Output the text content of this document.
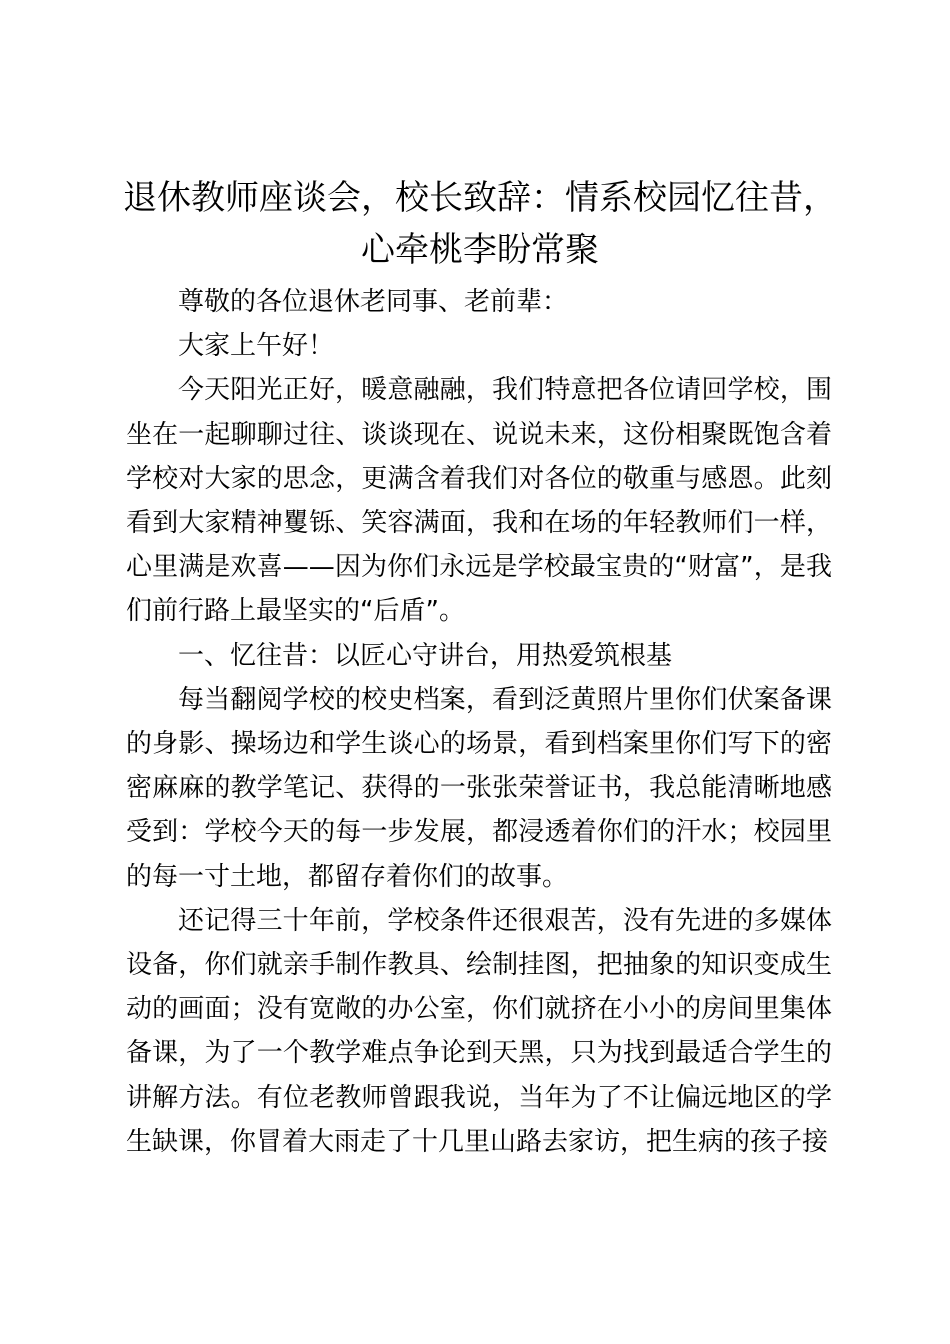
退休教师座谈会，校长致辞：情系校园忆往昔，心牵桃李盼常聚

尊敬的各位退休老同事、老前辈：

大家上午好！

今天阳光正好，暖意融融，我们特意把各位请回学校，围坐在一起聊聊过往、谈谈现在、说说未来，这份相聚既饱含着学校对大家的思念，更满含着我们对各位的敬重与感恩。此刻看到大家精神矍铄、笑容满面，我和在场的年轻教师们一样，心里满是欢喜——因为你们永远是学校最宝贵的“财富”，是我们前行路上最坚实的“后盾”。

一、忆往昔：以匠心守讲台，用热爱筑根基

每当翻阅学校的校史档案，看到泛黄照片里你们伏案备课的身影、操场边和学生谈心的场景，看到档案里你们写下的密密麻麻的教学笔记、获得的一张张荣誉证书，我总能清晰地感受到：学校今天的每一步发展，都浸透着你们的汗水；校园里的每一寸土地，都留存着你们的故事。

还记得三十年前，学校条件还很艰苦，没有先进的多媒体设备，你们就亲手制作教具、绘制挂图，把抽象的知识变成生动的画面；没有宽敞的办公室，你们就挤在小小的房间里集体备课，为了一个教学难点争论到天黑，只为找到最适合学生的讲解方法。有位老教师曾跟我说，当年为了不让偏远地区的学生缺课，你冒着大雨走了十几里山路去家访，把生病的孩子接
